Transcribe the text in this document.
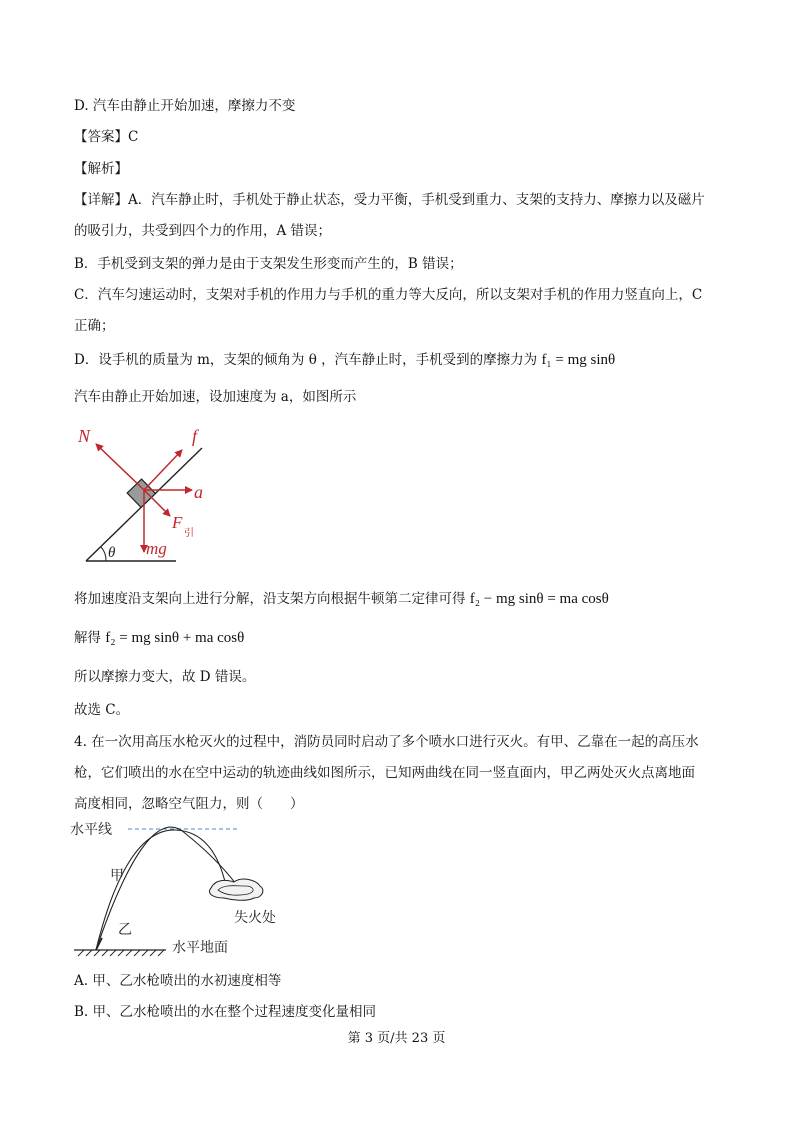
D. 汽车由静止开始加速，摩擦力不变
【答案】C
【解析】
【详解】A．汽车静止时，手机处于静止状态，受力平衡，手机受到重力、支架的支持力、摩擦力以及磁片
的吸引力，共受到四个力的作用，A 错误；
B．手机受到支架的弹力是由于支架发生形变而产生的，B 错误；
C．汽车匀速运动时，支架对手机的作用力与手机的重力等大反向，所以支架对手机的作用力竖直向上，C
正确；
D．设手机的质量为 m，支架的倾角为 θ ，汽车静止时，手机受到的摩擦力为 f₁ = mg sinθ
汽车由静止开始加速，设加速度为 a，如图所示
N	f
a
F
引
mg
θ
将加速度沿支架向上进行分解，沿支架方向根据牛顿第二定律可得 f₂ − mg sinθ = ma cosθ
解得 f₂ = mg sinθ + ma cosθ
所以摩擦力变大，故 D 错误。
故选 C。
4. 在一次用高压水枪灭火的过程中，消防员同时启动了多个喷水口进行灭火。有甲、乙靠在一起的高压水
枪，它们喷出的水在空中运动的轨迹曲线如图所示，已知两曲线在同一竖直面内，甲乙两处灭火点离地面
高度相同，忽略空气阻力，则（　　）
水平线
甲
乙
失火处
水平地面
A. 甲、乙水枪喷出的水初速度相等
B. 甲、乙水枪喷出的水在整个过程速度变化量相同
第 3 页/共 23 页
